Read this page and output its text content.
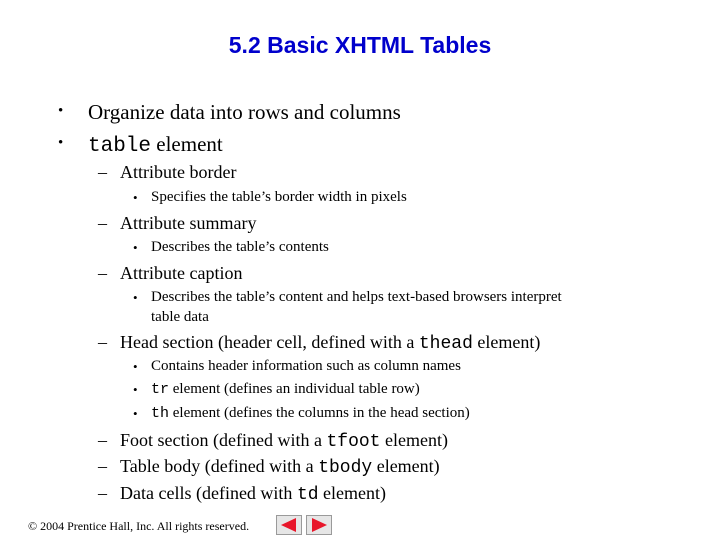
5.2 Basic XHTML Tables
• Organize data into rows and columns
• table element
– Attribute border
• Specifies the table’s border width in pixels
– Attribute summary
• Describes the table’s contents
– Attribute caption
• Describes the table’s content and helps text-based browsers interpret
table data
– Head section (header cell, defined with a thead element)
• Contains header information such as column names
• tr element (defines an individual table row)
• th element (defines the columns in the head section)
– Foot section (defined with a tfoot element)
– Table body (defined with a tbody element)
– Data cells (defined with td element)
© 2004 Prentice Hall, Inc. All rights reserved.
